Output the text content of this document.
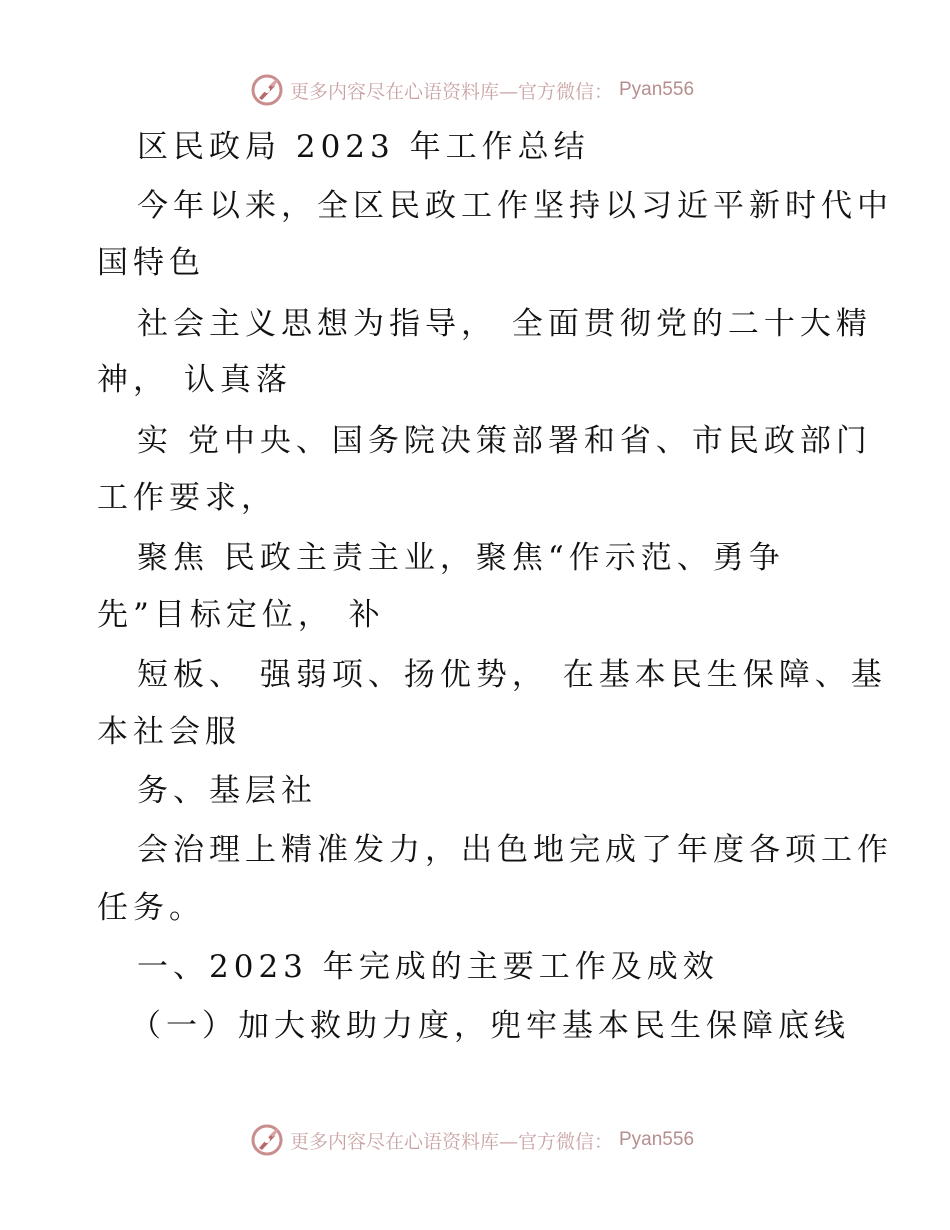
更多内容尽在心语资料库—官方微信： Pyan556
区民政局 2023 年工作总结
今年以来，全区民政工作坚持以习近平新时代中
国特色
社会主义思想为指导， 全面贯彻党的二十大精
神， 认真落
实 党中央、国务院决策部署和省、市民政部门
工作要求，
聚焦 民政主责主业，聚焦“作示范、勇争
先”目标定位， 补
短板、 强弱项、扬优势， 在基本民生保障、基
本社会服
务、基层社
会治理上精准发力，出色地完成了年度各项工作
任务。
一、2023 年完成的主要工作及成效
（一）加大救助力度，兜牢基本民生保障底线
更多内容尽在心语资料库—官方微信： Pyan556
